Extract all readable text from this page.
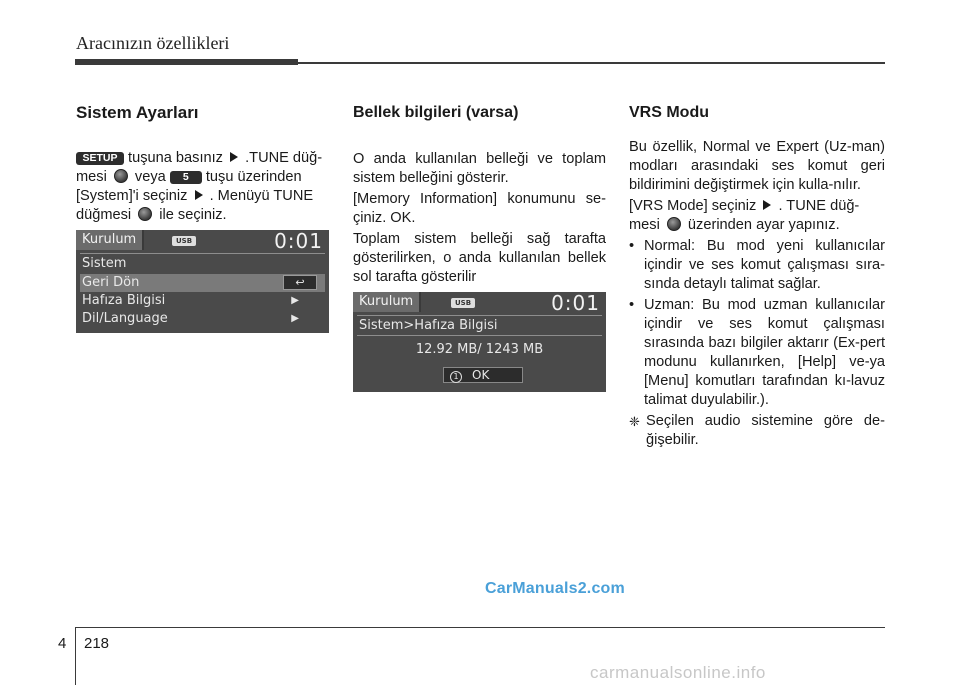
Aracınızın özellikleri
Sistem Ayarları

SETUP tuşuna basınız  .TUNE düğ-
mesi  veya 5 tuşu üzerinden
[System]'i seçiniz  . Menüyü TUNE
düğmesi  ile seçiniz.

Kurulum	USB	0:01
Sistem
Geri Dön	↩
Hafıza Bilgisi	▶
Dil/Language	▶
Bellek bilgileri (varsa)

O anda kullanılan belleği ve toplam sistem belleğini gösterir.

[Memory Information] konumunu se-çiniz. OK.

Toplam sistem belleği sağ tarafta gösterilirken, o anda kullanılan bellek sol tarafta gösterilir

Kurulum	USB	0:01
Sistem>Hafıza Bilgisi
12.92 MB/ 1243 MB
1 OK
VRS Modu

Bu özellik, Normal ve Expert (Uz-man) modları arasındaki ses komut geri bildirimini değiştirmek için kulla-nılır.

[VRS Mode] seçiniz  . TUNE düğ-
mesi  üzerinden ayar yapınız.

• Normal: Bu mod yeni kullanıcılar içindir ve ses komut çalışması sıra-sında detaylı talimat sağlar.
• Uzman: Bu mod uzman kullanıcılar içindir ve ses komut çalışması sırasında bazı bilgiler aktarır (Ex-pert modunu kullanırken, [Help] ve-ya [Menu] komutları tarafından kı-lavuz talimat duyulabilir.).
❈ Seçilen audio sistemine göre de-ğişebilir.
CarManuals2.com
4 218
carmanualsonline.info
